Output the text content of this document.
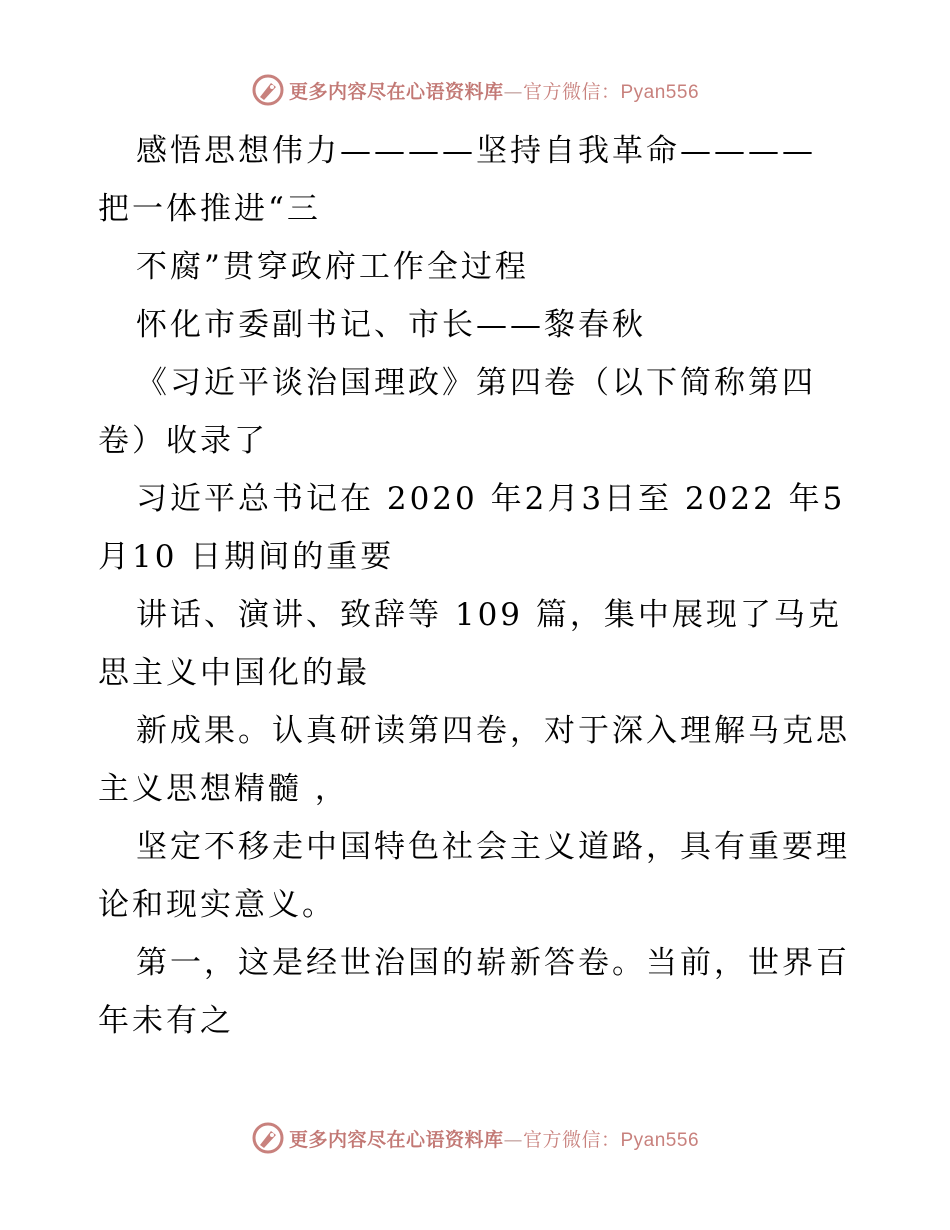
更多内容尽在心语资料库—官方微信：Pyan556
感悟思想伟力————坚持自我革命————
把一体推进“三
不腐”贯穿政府工作全过程
怀化市委副书记、市长——黎春秋
《习近平谈治国理政》第四卷（以下简称第四
卷）收录了
习近平总书记在 2020 年2月3日至 2022 年5
月10 日期间的重要
讲话、演讲、致辞等 109 篇，集中展现了马克
思主义中国化的最
新成果。认真研读第四卷，对于深入理解马克思
主义思想精髓 ，
坚定不移走中国特色社会主义道路，具有重要理
论和现实意义。
第一，这是经世治国的崭新答卷。当前，世界百
年未有之
更多内容尽在心语资料库—官方微信：Pyan556
